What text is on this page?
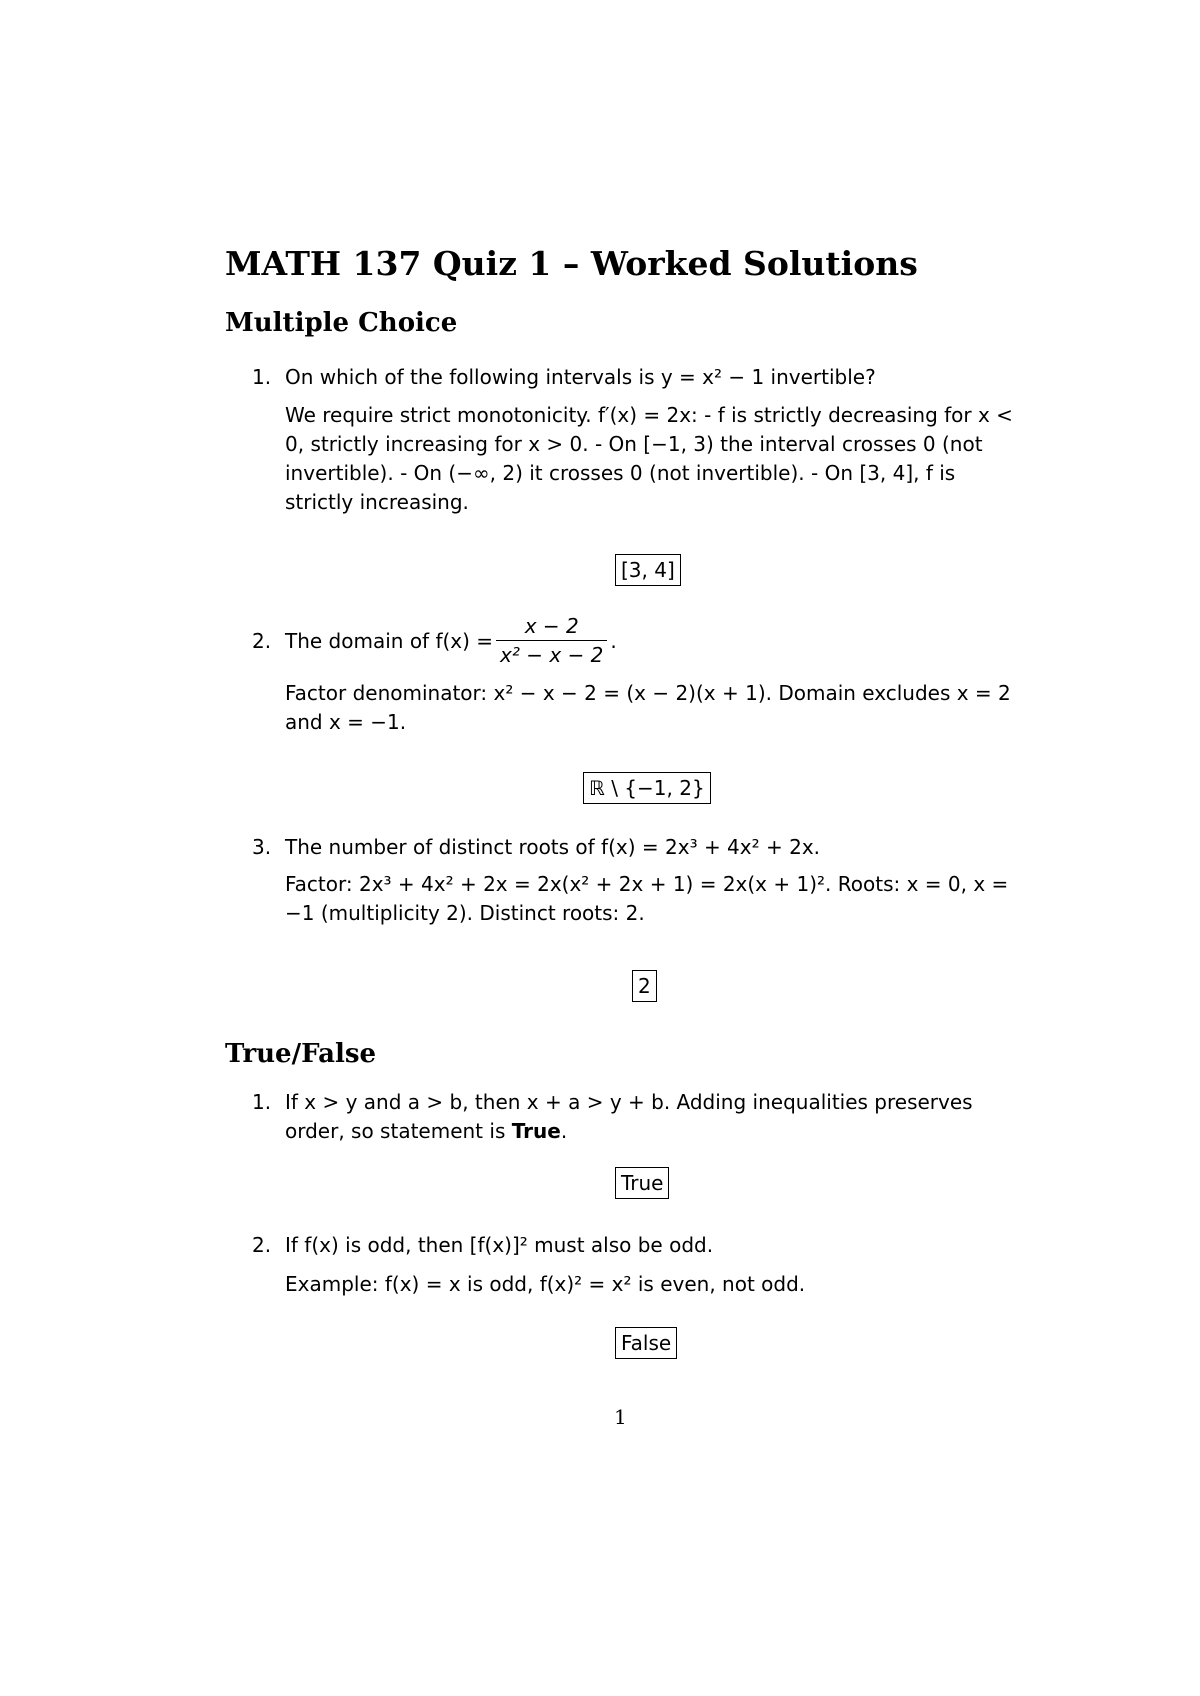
MATH 137 Quiz 1 – Worked Solutions
Multiple Choice
1. On which of the following intervals is y = x² − 1 invertible?
We require strict monotonicity. f′(x) = 2x: - f is strictly decreasing for x < 0, strictly increasing for x > 0. - On [−1, 3) the interval crosses 0 (not invertible). - On (−∞, 2) it crosses 0 (not invertible). - On [3, 4], f is strictly increasing.
[3, 4]
2. The domain of $f(x) = \frac{x - 2}{\text{x² − x − 2}}$ .
Factor denominator: x² − x − 2 = (x − 2)(x + 1). Domain excludes x = 2 and x = −1.
ℝ \ {−1, 2}
3. The number of distinct roots of f(x) = 2x³ + 4x² + 2x.
Factor: 2x³ + 4x² + 2x = 2x(x² + 2x + 1) = 2x(x + 1)². Roots: x = 0, x = −1 (multiplicity 2). Distinct roots: 2.
2
True/False
1. If x > y and a > b, then x + a > y + b. Adding inequalities preserves order, so statement is True.
True
2. If f(x) is odd, then [f(x)]² must also be odd.
Example: f(x) = x is odd, f(x)² = x² is even, not odd.
False
1
